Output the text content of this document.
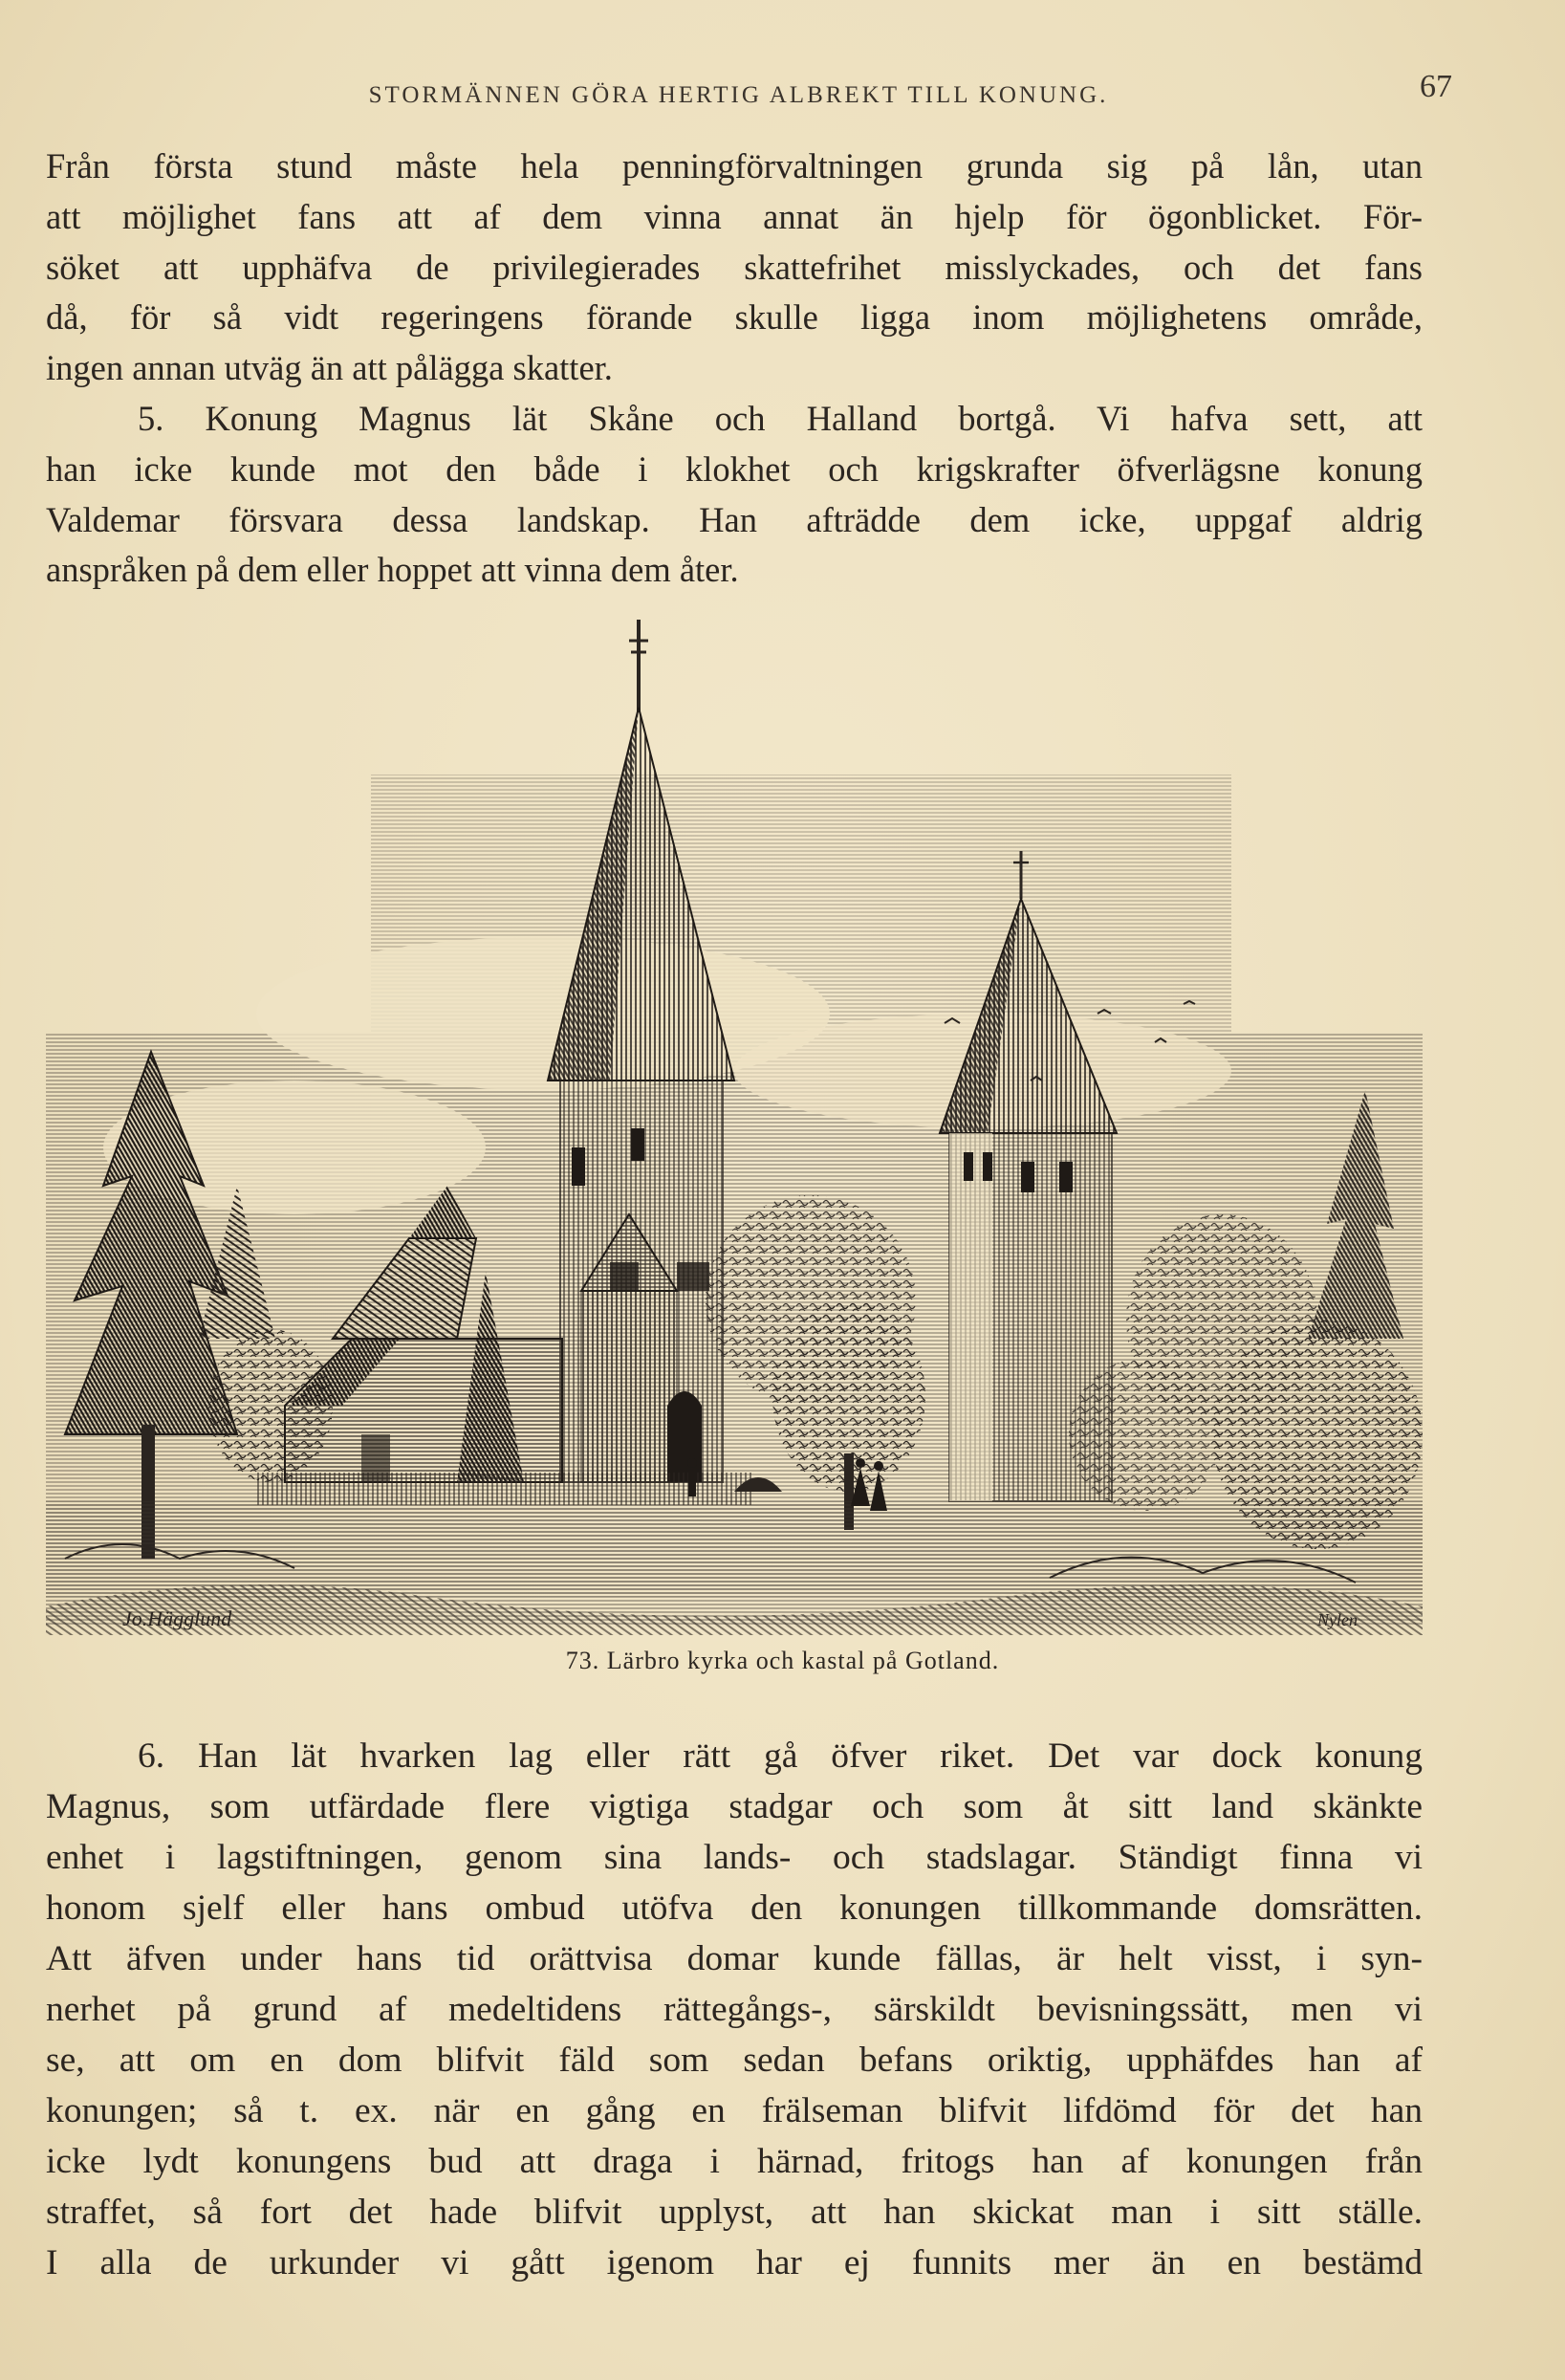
STORMÄNNEN GÖRA HERTIG ALBREKT TILL KONUNG.	67
Från första stund måste hela penningförvaltningen grunda sig på lån, utan
att möjlighet fans att af dem vinna annat än hjelp för ögonblicket. För-
söket att upphäfva de privilegierades skattefrihet misslyckades, och det fans
då, för så vidt regeringens förande skulle ligga inom möjlighetens område,
ingen annan utväg än att pålägga skatter.
5. Konung Magnus lät Skåne och Halland bortgå. Vi hafva sett, att
han icke kunde mot den både i klokhet och krigskrafter öfverlägsne konung
Valdemar försvara dessa landskap. Han afträdde dem icke, uppgaf aldrig
anspråken på dem eller hoppet att vinna dem åter.
Jo.Hägglund	Nylen
73. Lärbro kyrka och kastal på Gotland.
6. Han lät hvarken lag eller rätt gå öfver riket. Det var dock konung
Magnus, som utfärdade flere vigtiga stadgar och som åt sitt land skänkte
enhet i lagstiftningen, genom sina lands- och stadslagar. Ständigt finna vi
honom sjelf eller hans ombud utöfva den konungen tillkommande domsrätten.
Att äfven under hans tid orättvisa domar kunde fällas, är helt visst, i syn-
nerhet på grund af medeltidens rättegångs-, särskildt bevisningssätt, men vi
se, att om en dom blifvit fäld som sedan befans oriktig, upphäfdes han af
konungen; så t. ex. när en gång en frälseman blifvit lifdömd för det han
icke lydt konungens bud att draga i härnad, fritogs han af konungen från
straffet, så fort det hade blifvit upplyst, att han skickat man i sitt ställe.
I alla de urkunder vi gått igenom har ej funnits mer än en bestämd
